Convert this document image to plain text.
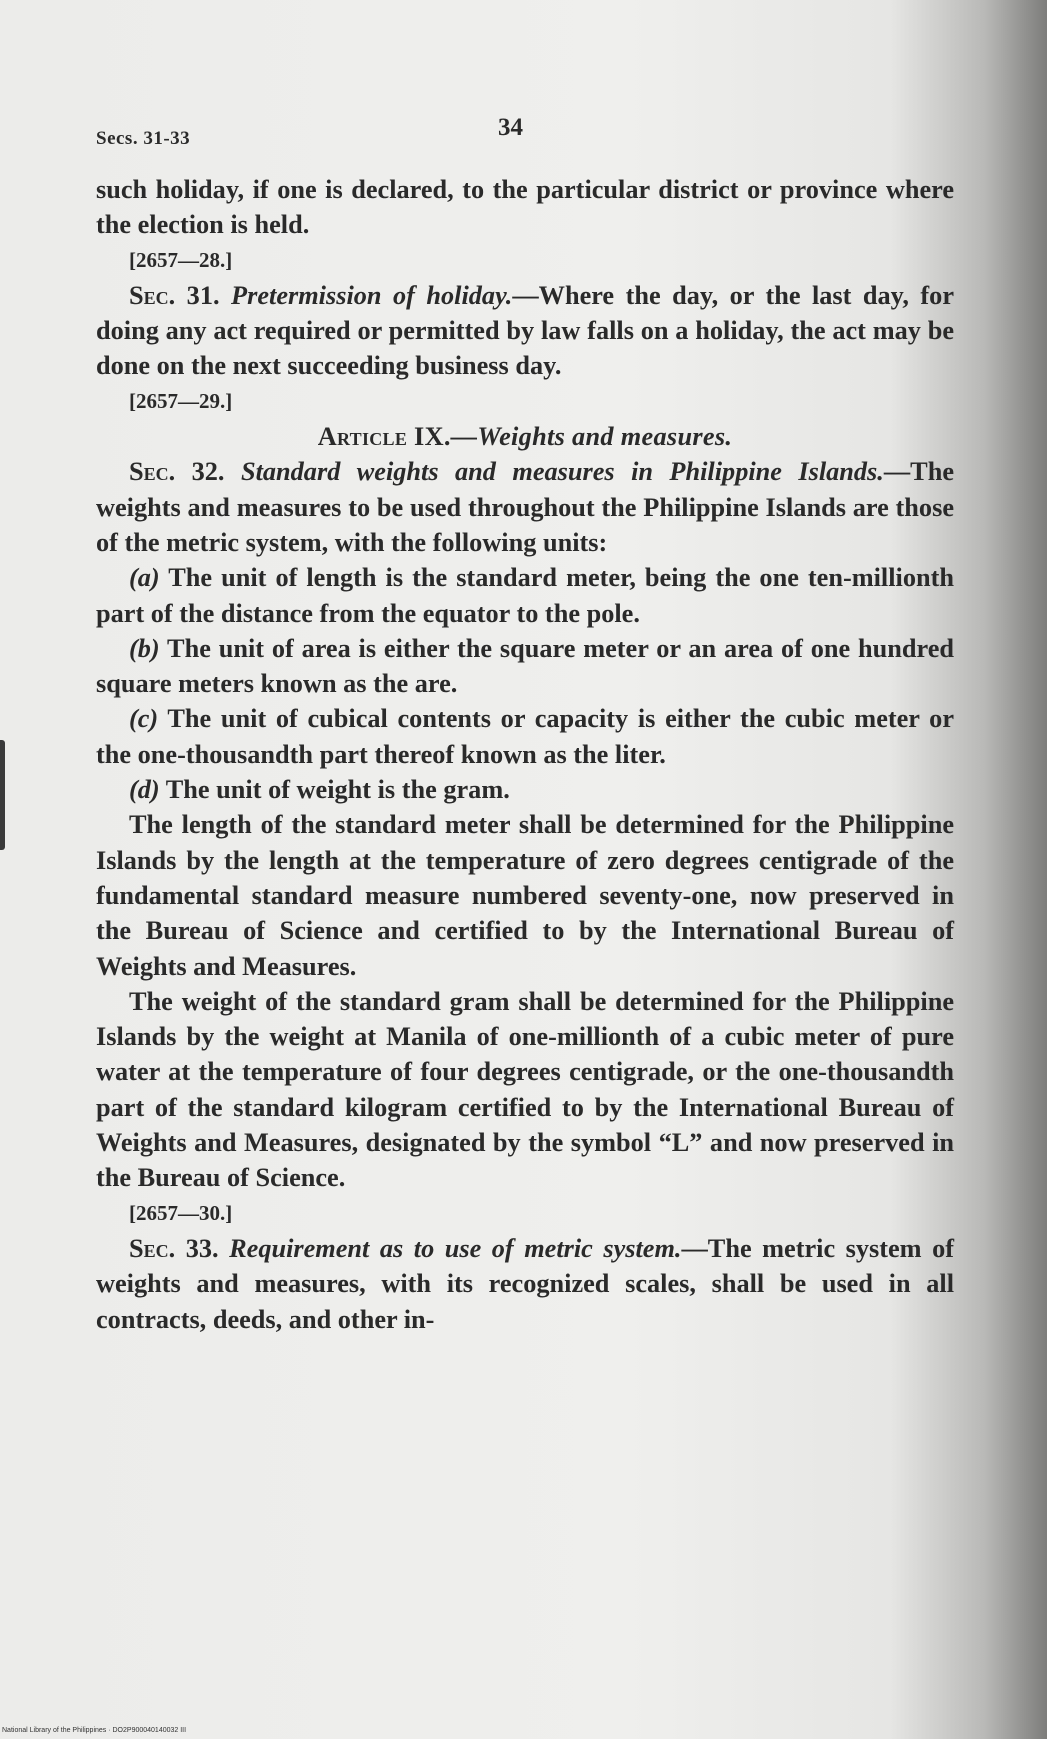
Secs. 31-33	34

such holiday, if one is declared, to the particular district or province where the election is held.

[2657—28.]

Sec. 31. Pretermission of holiday.—Where the day, or the last day, for doing any act required or permitted by law falls on a holiday, the act may be done on the next succeeding business day.

[2657—29.]

Article IX.—Weights and measures.

Sec. 32. Standard weights and measures in Philippine Islands.—The weights and measures to be used throughout the Philippine Islands are those of the metric system, with the following units:

(a) The unit of length is the standard meter, being the one ten-millionth part of the distance from the equator to the pole.

(b) The unit of area is either the square meter or an area of one hundred square meters known as the are.

(c) The unit of cubical contents or capacity is either the cubic meter or the one-thousandth part thereof known as the liter.

(d) The unit of weight is the gram.

The length of the standard meter shall be determined for the Philippine Islands by the length at the temperature of zero degrees centigrade of the fundamental standard measure numbered seventy-one, now preserved in the Bureau of Science and certified to by the International Bureau of Weights and Measures.

The weight of the standard gram shall be determined for the Philippine Islands by the weight at Manila of one-millionth of a cubic meter of pure water at the temperature of four degrees centigrade, or the one-thousandth part of the standard kilogram certified to by the International Bureau of Weights and Measures, designated by the symbol “L” and now preserved in the Bureau of Science.

[2657—30.]

Sec. 33. Requirement as to use of metric system.—The metric system of weights and measures, with its recognized scales, shall be used in all contracts, deeds, and other in-

National Library of the Philippines · DO2P900040140032 III
